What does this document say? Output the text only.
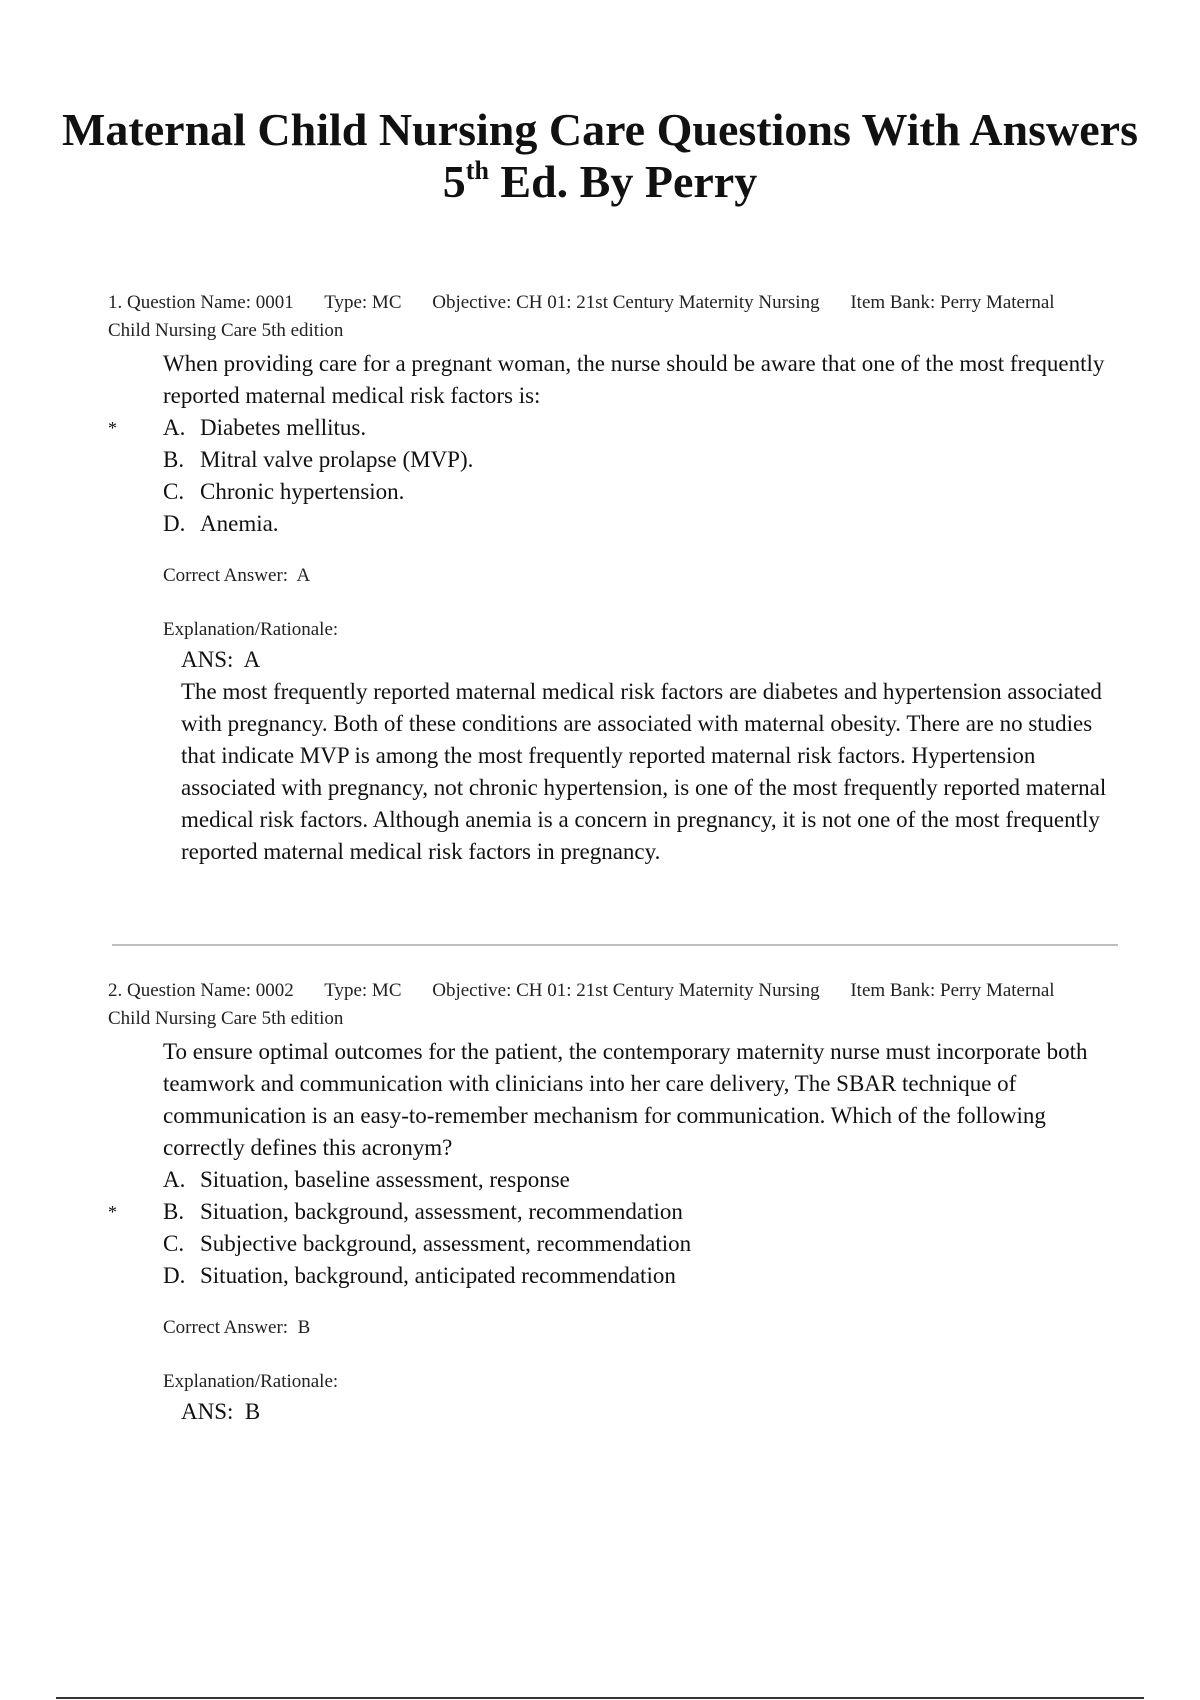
Maternal Child Nursing Care Questions With Answers
5th Ed. By Perry
1. Question Name: 0001 Type: MC Objective: CH 01: 21st Century Maternity Nursing Item Bank: Perry Maternal
Child Nursing Care 5th edition
When providing care for a pregnant woman, the nurse should be aware that one of the most frequently reported maternal medical risk factors is:
* A. Diabetes mellitus.
B. Mitral valve prolapse (MVP).
C. Chronic hypertension.
D. Anemia.
Correct Answer: A
Explanation/Rationale:
ANS: A
The most frequently reported maternal medical risk factors are diabetes and hypertension associated with pregnancy. Both of these conditions are associated with maternal obesity. There are no studies that indicate MVP is among the most frequently reported maternal risk factors. Hypertension associated with pregnancy, not chronic hypertension, is one of the most frequently reported maternal medical risk factors. Although anemia is a concern in pregnancy, it is not one of the most frequently reported maternal medical risk factors in pregnancy.
2. Question Name: 0002 Type: MC Objective: CH 01: 21st Century Maternity Nursing Item Bank: Perry Maternal
Child Nursing Care 5th edition
To ensure optimal outcomes for the patient, the contemporary maternity nurse must incorporate both teamwork and communication with clinicians into her care delivery, The SBAR technique of communication is an easy-to-remember mechanism for communication. Which of the following correctly defines this acronym?
A. Situation, baseline assessment, response
* B. Situation, background, assessment, recommendation
C. Subjective background, assessment, recommendation
D. Situation, background, anticipated recommendation
Correct Answer: B
Explanation/Rationale:
ANS: B
